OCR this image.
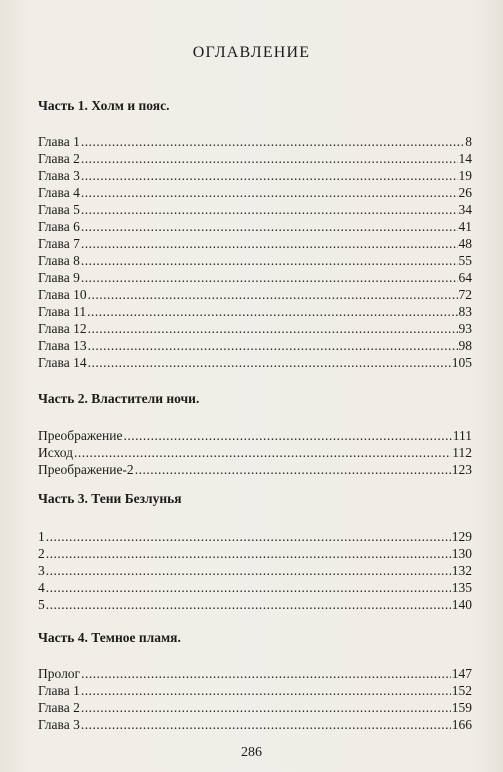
ОГЛАВЛЕНИЕ
Часть 1. Холм и пояс.
Глава 1 .....	8
Глава 2 .....	14
Глава 3 .....	19
Глава 4 .....	26
Глава 5 .....	34
Глава 6 .....	41
Глава 7 .....	48
Глава 8 .....	55
Глава 9 .....	64
Глава 10 .....	72
Глава 11 .....	83
Глава 12 .....	93
Глава 13 .....	98
Глава 14 .....	105
Часть 2. Властители ночи.
Преображение .....	111
Исход .....	112
Преображение-2 .....	123
Часть 3. Тени Безлунья
1 .....	129
2 .....	130
3 .....	132
4 .....	135
5 .....	140
Часть 4. Темное пламя.
Пролог .....	147
Глава 1 .....	152
Глава 2 .....	159
Глава 3 .....	166
286
